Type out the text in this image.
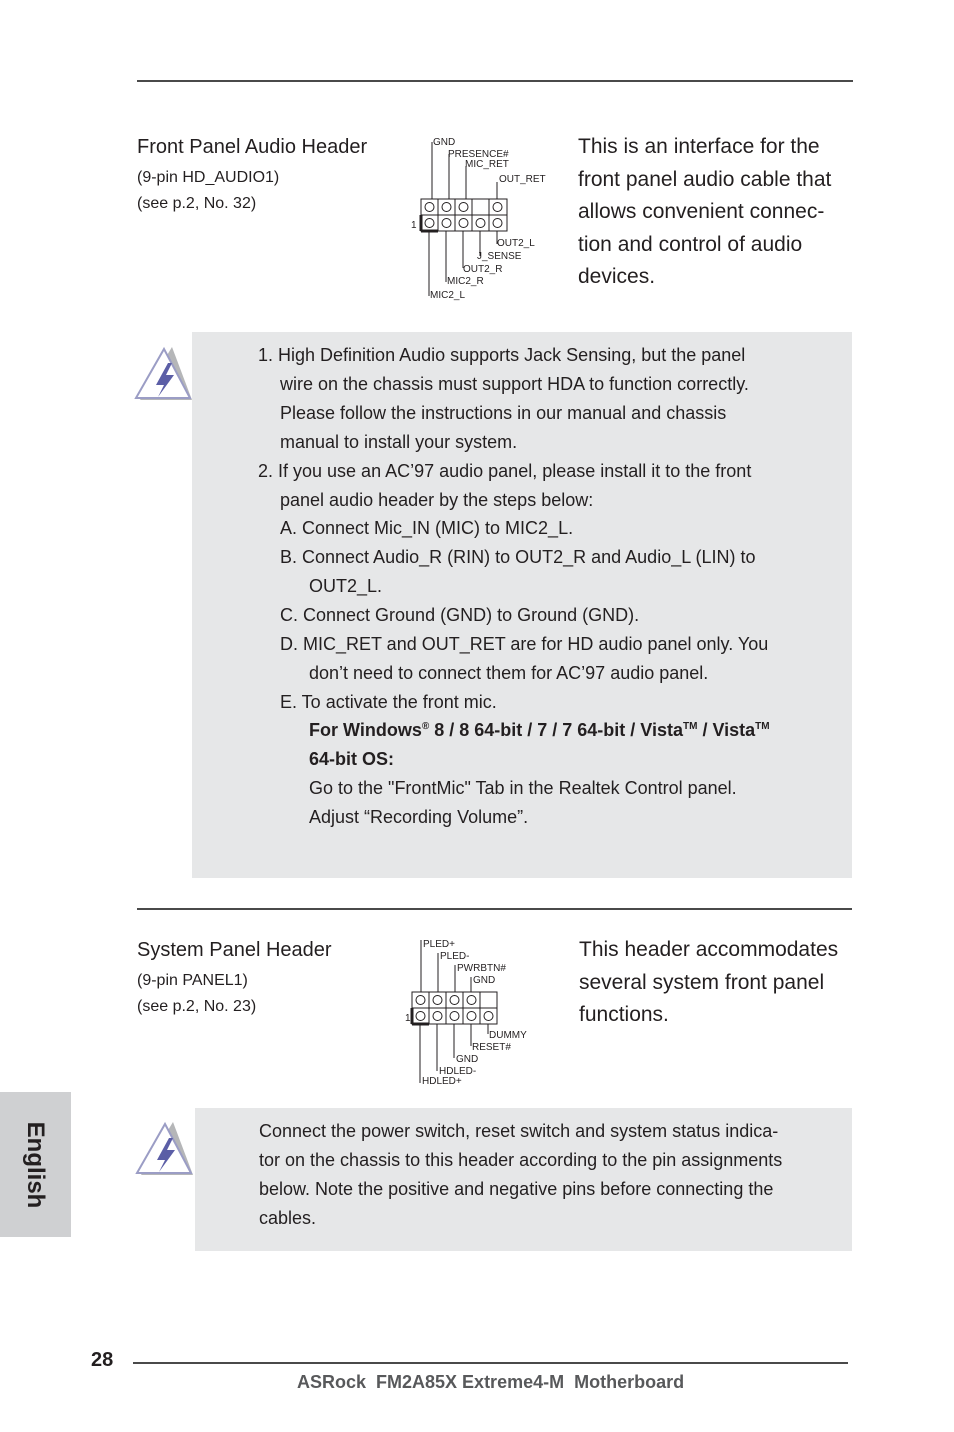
Front Panel Audio Header
(9-pin HD_AUDIO1)
(see p.2, No. 32)
1
GND
PRESENCE#
MIC_RET
OUT_RET
OUT2_L
J_SENSE
OUT2_R
MIC2_R
MIC2_L
This is an interface for the
front panel audio cable that
allows convenient connec-
tion and control of audio
devices.
1. High Definition Audio supports Jack Sensing, but the panel
wire on the chassis must support HDA to function correctly.
Please follow the instructions in our manual and chassis
manual to install your system.
2. If you use an AC’97 audio panel, please install it to the front
panel audio header by the steps below:
A. Connect Mic_IN (MIC) to MIC2_L.
B. Connect Audio_R (RIN) to OUT2_R and Audio_L (LIN) to
OUT2_L.
C. Connect Ground (GND) to Ground (GND).
D. MIC_RET and OUT_RET are for HD audio panel only. You
don’t need to connect them for AC’97 audio panel.
E. To activate the front mic.
For Windows® 8 / 8 64-bit / 7 / 7 64-bit / Vista™ / Vista™
64-bit OS:
Go to the "FrontMic" Tab in the Realtek Control panel.
Adjust “Recording Volume”.
System Panel Header
(9-pin PANEL1)
(see p.2, No. 23)
1
PLED+
PLED-
PWRBTN#
GND
DUMMY
RESET#
GND
HDLED-
HDLED+
This header accommodates
several system front panel
functions.
Connect the power switch, reset switch and system status indica-
tor on the chassis to this header according to the pin assignments
below. Note the positive and negative pins before connecting the
cables.
English
28
ASRock  FM2A85X Extreme4-M  Motherboard
